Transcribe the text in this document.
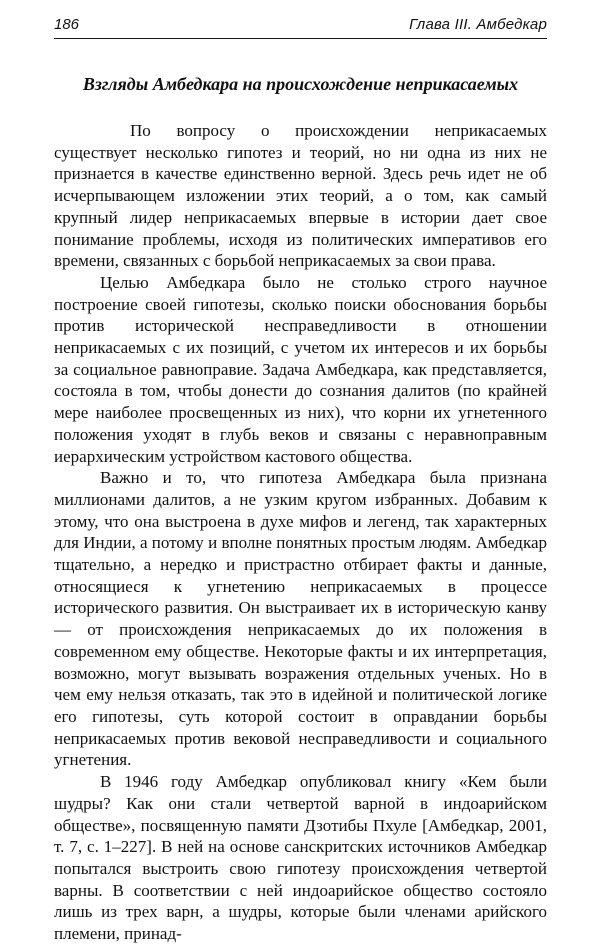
186	Глава III. Амбедкар
Взгляды Амбедкара на происхождение неприкасаемых

По вопросу о происхождении неприкасаемых существует несколько гипотез и теорий, но ни одна из них не признается в качестве единственно верной. Здесь речь идет не об исчерпывающем изложении этих теорий, а о том, как самый крупный лидер неприкасаемых впервые в истории дает свое понимание проблемы, исходя из политических императивов его времени, связанных с борьбой неприкасаемых за свои права.

Целью Амбедкара было не столько строго научное построение своей гипотезы, сколько поиски обоснования борьбы против исторической несправедливости в отношении неприкасаемых с их позиций, с учетом их интересов и их борьбы за социальное равноправие. Задача Амбедкара, как представляется, состояла в том, чтобы донести до сознания далитов (по крайней мере наиболее просвещенных из них), что корни их угнетенного положения уходят в глубь веков и связаны с неравноправным иерархическим устройством кастового общества.

Важно и то, что гипотеза Амбедкара была признана миллионами далитов, а не узким кругом избранных. Добавим к этому, что она выстроена в духе мифов и легенд, так характерных для Индии, а потому и вполне понятных простым людям. Амбедкар тщательно, а нередко и пристрастно отбирает факты и данные, относящиеся к угнетению неприкасаемых в процессе исторического развития. Он выстраивает их в историческую канву — от происхождения неприкасаемых до их положения в современном ему обществе. Некоторые факты и их интерпретация, возможно, могут вызывать возражения отдельных ученых. Но в чем ему нельзя отказать, так это в идейной и политической логике его гипотезы, суть которой состоит в оправдании борьбы неприкасаемых против вековой несправедливости и социального угнетения.

В 1946 году Амбедкар опубликовал книгу «Кем были шудры? Как они стали четвертой варной в индоарийском обществе», посвященную памяти Дзотибы Пхуле [Амбедкар, 2001, т. 7, с. 1–227]. В ней на основе санскритских источников Амбедкар попытался выстроить свою гипотезу происхождения четвертой варны. В соответствии с ней индоарийское общество состояло лишь из трех варн, а шудры, которые были членами арийского племени, принад-
